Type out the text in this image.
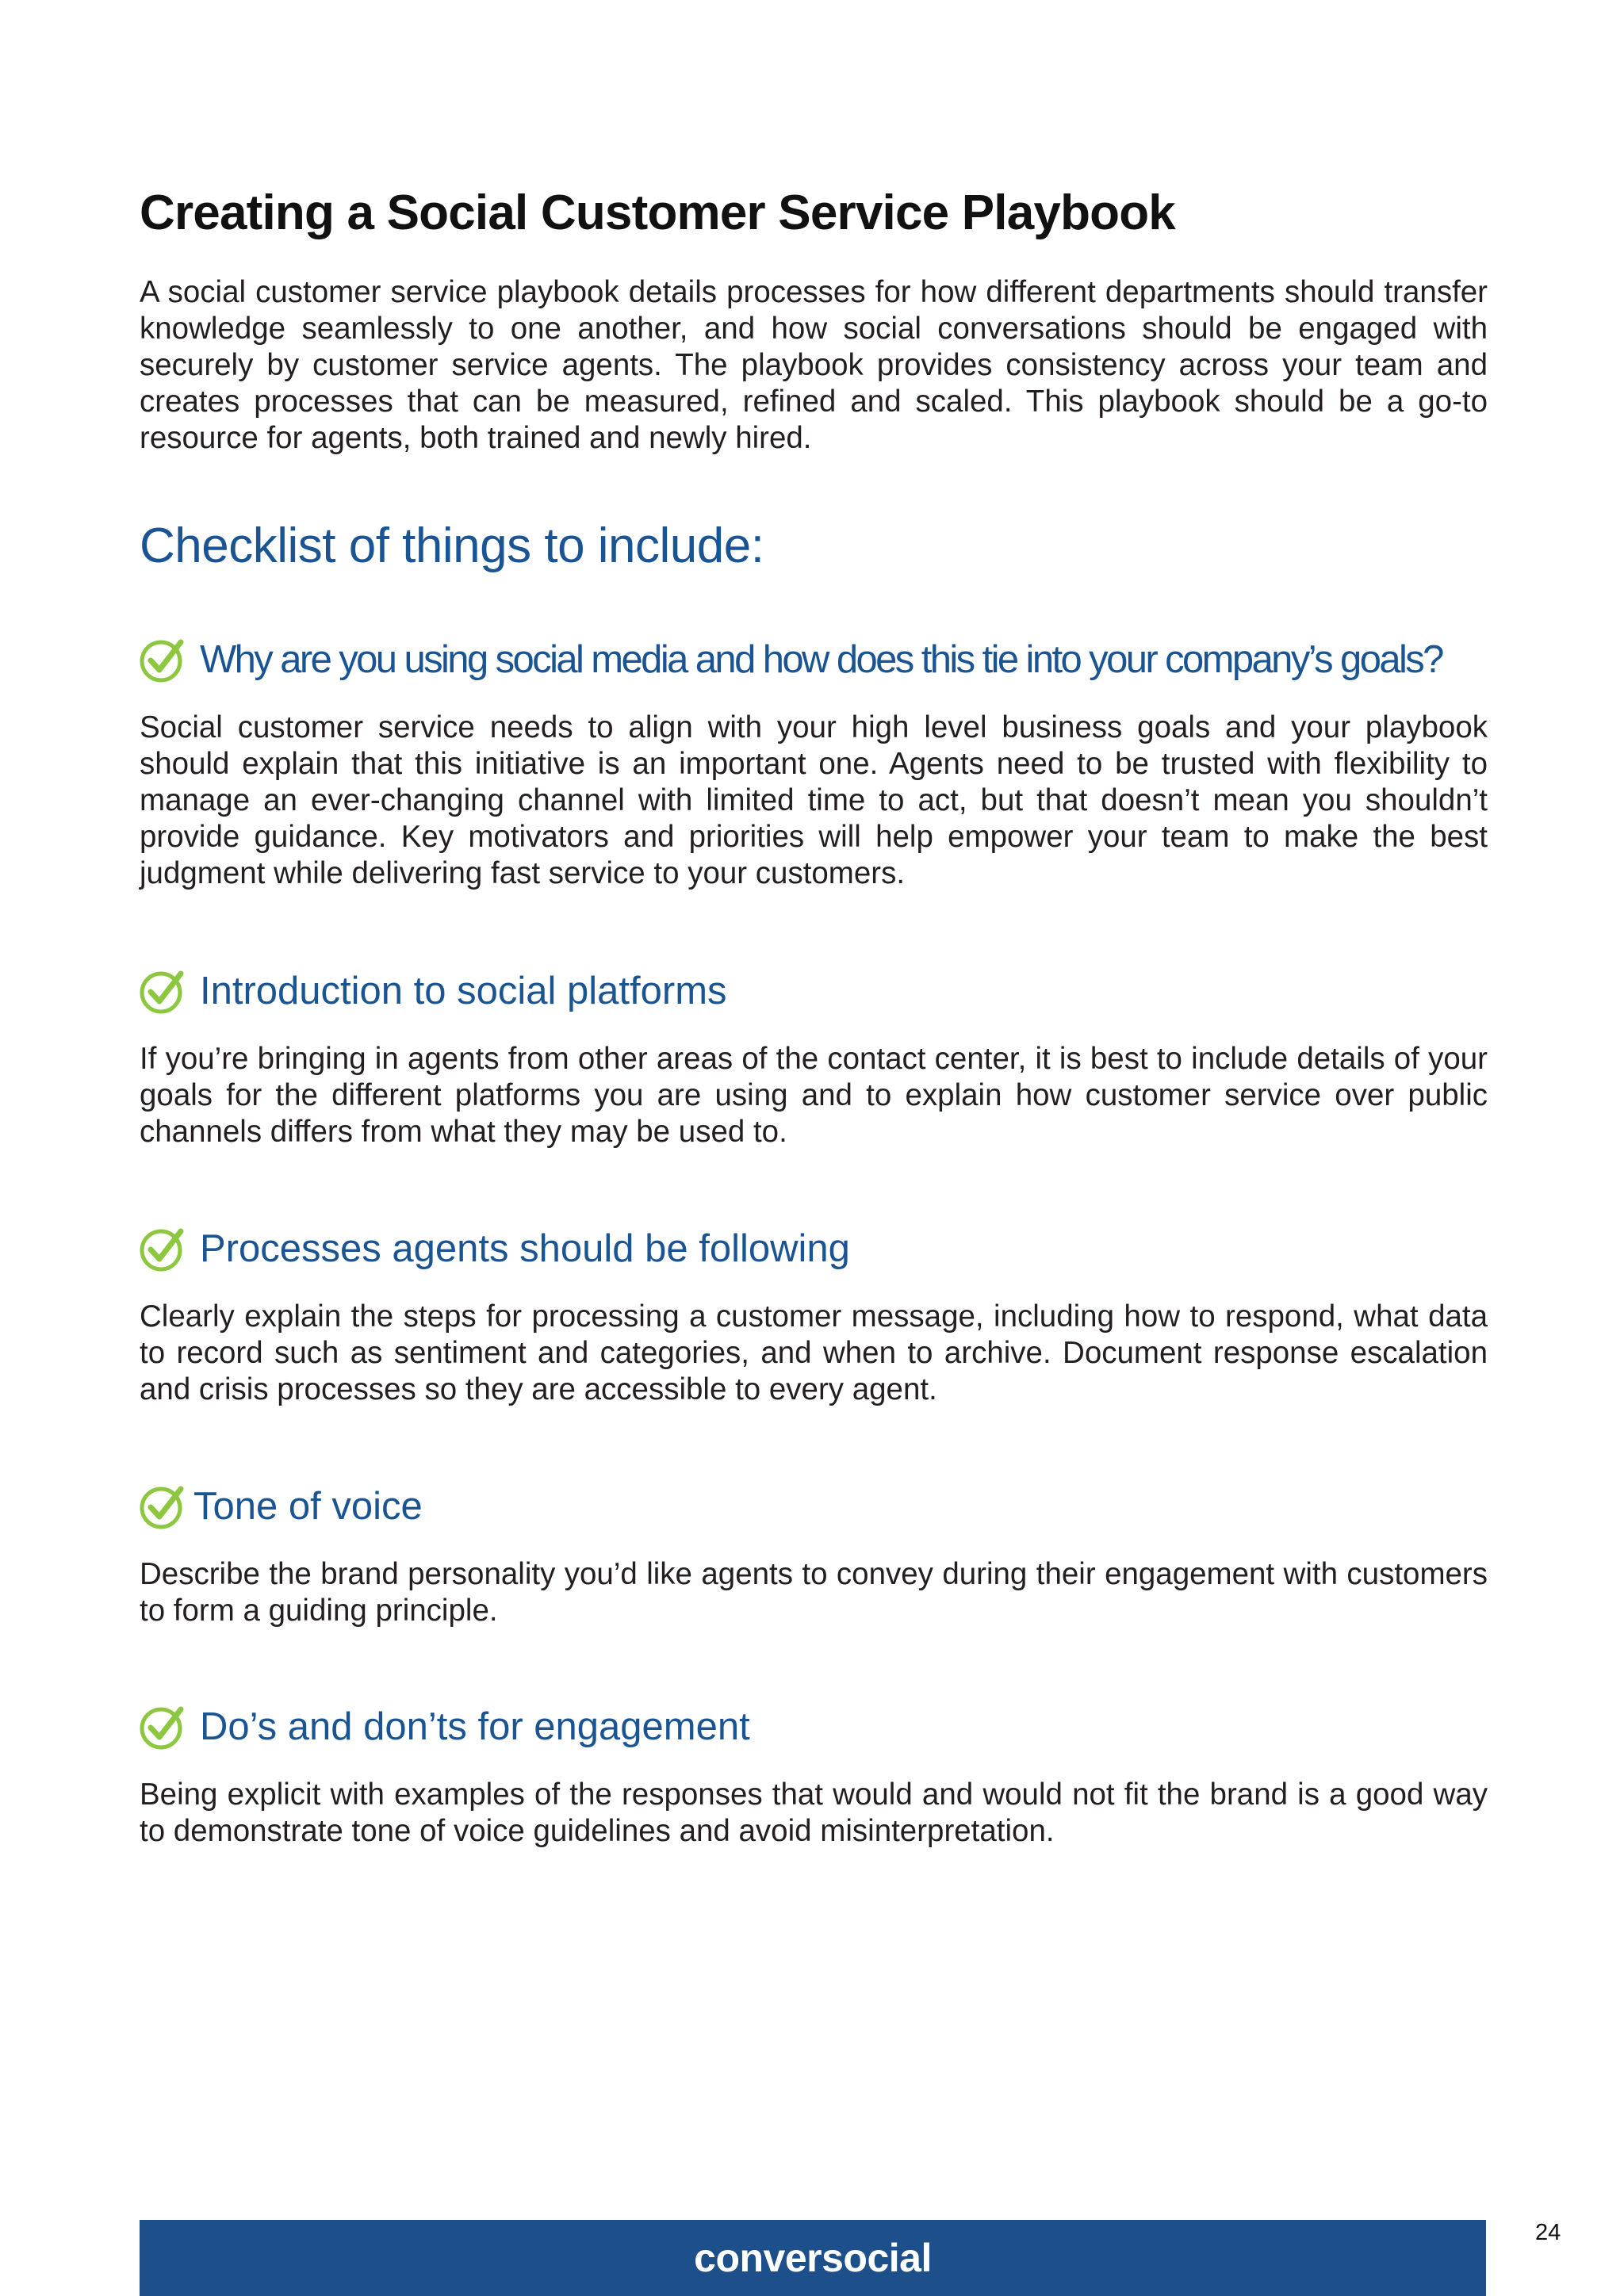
Creating a Social Customer Service Playbook
A social customer service playbook details processes for how different departments should transfer knowledge seamlessly to one another, and how social conversations should be engaged with securely by customer service agents. The playbook provides consistency across your team and creates processes that can be measured, refined and scaled. This playbook should be a go-to resource for agents, both trained and newly hired.
Checklist of things to include:
Why are you using social media and how does this tie into your company’s goals?
Social customer service needs to align with your high level business goals and your playbook should explain that this initiative is an important one. Agents need to be trusted with flexibility to manage an ever-changing channel with limited time to act, but that doesn’t mean you shouldn’t provide guidance. Key motivators and priorities will help empower your team to make the best judgment while delivering fast service to your customers.
Introduction to social platforms
If you’re bringing in agents from other areas of the contact center, it is best to include details of your goals for the different platforms you are using and to explain how customer service over public channels differs from what they may be used to.
Processes agents should be following
Clearly explain the steps for processing a customer message, including how to respond, what data to record such as sentiment and categories, and when to archive. Document response escalation and crisis processes so they are accessible to every agent.
Tone of voice
Describe the brand personality you’d like agents to convey during their engagement with customers to form a guiding principle.
Do’s and don’ts for engagement
Being explicit with examples of the responses that would and would not fit the brand is a good way to demonstrate tone of voice guidelines and avoid misinterpretation.
conversocial
24
